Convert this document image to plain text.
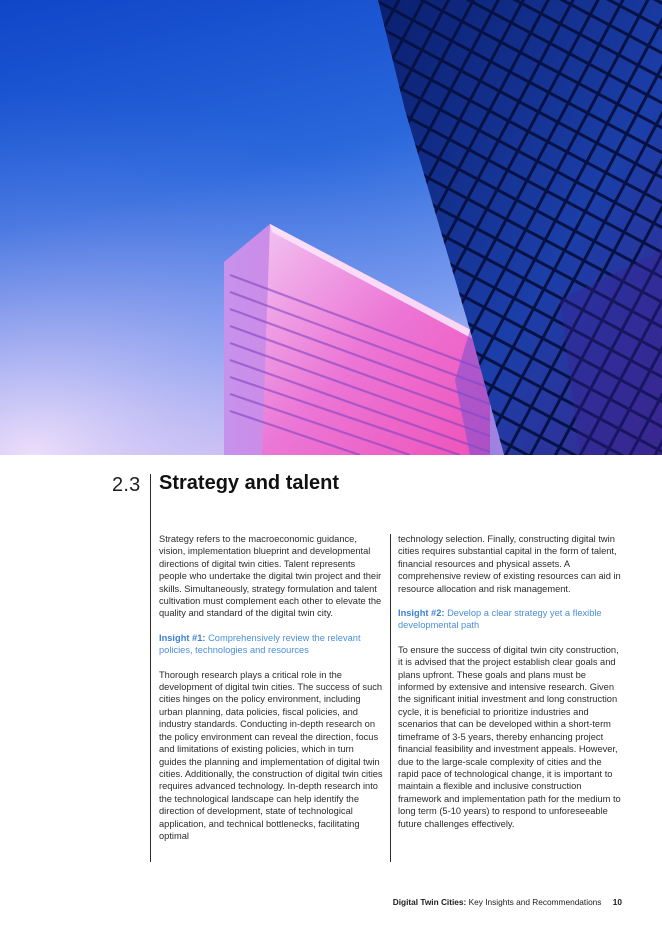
2.3 Strategy and talent

Strategy refers to the macroeconomic guidance, vision, implementation blueprint and developmental directions of digital twin cities. Talent represents people who undertake the digital twin project and their skills. Simultaneously, strategy formulation and talent cultivation must complement each other to elevate the quality and standard of the digital twin city.

Insight #1: Comprehensively review the relevant policies, technologies and resources

Thorough research plays a critical role in the development of digital twin cities. The success of such cities hinges on the policy environment, including urban planning, data policies, fiscal policies, and industry standards. Conducting in-depth research on the policy environment can reveal the direction, focus and limitations of existing policies, which in turn guides the planning and implementation of digital twin cities. Additionally, the construction of digital twin cities requires advanced technology. In-depth research into the technological landscape can help identify the direction of development, state of technological application, and technical bottlenecks, facilitating optimal

technology selection. Finally, constructing digital twin cities requires substantial capital in the form of talent, financial resources and physical assets. A comprehensive review of existing resources can aid in resource allocation and risk management.

Insight #2: Develop a clear strategy yet a flexible developmental path

To ensure the success of digital twin city construction, it is advised that the project establish clear goals and plans upfront. These goals and plans must be informed by extensive and intensive research. Given the significant initial investment and long construction cycle, it is beneficial to prioritize industries and scenarios that can be developed within a short-term timeframe of 3-5 years, thereby enhancing project financial feasibility and investment appeals. However, due to the large-scale complexity of cities and the rapid pace of technological change, it is important to maintain a flexible and inclusive construction framework and implementation path for the medium to long term (5-10 years) to respond to unforeseeable future challenges effectively.

Digital Twin Cities: Key Insights and Recommendations 10
